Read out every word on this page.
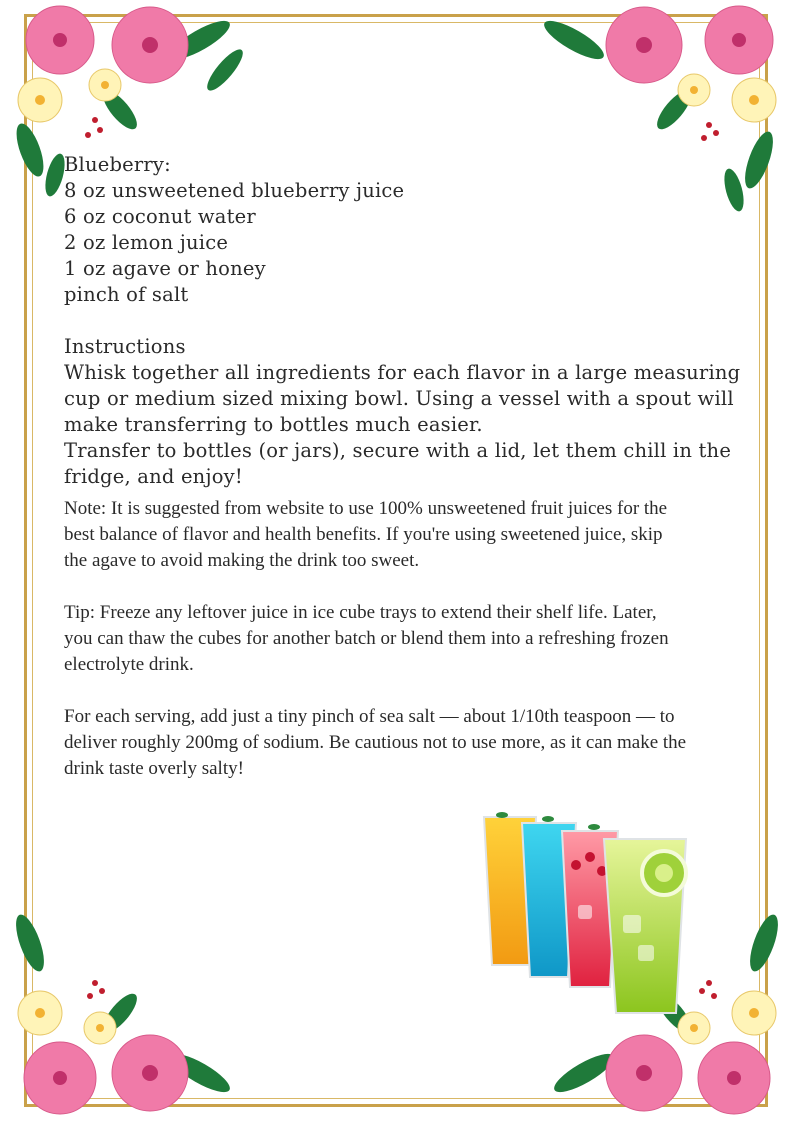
Blueberry:
8 oz unsweetened blueberry juice
6 oz coconut water
2 oz lemon juice
1 oz agave or honey
pinch of salt
Instructions
Whisk together all ingredients for each flavor in a large measuring
cup or medium sized mixing bowl. Using a vessel with a spout will
make transferring to bottles much easier.
Transfer to bottles (or jars), secure with a lid, let them chill in the
fridge, and enjoy!

Note: It is suggested from website to use 100% unsweetened fruit juices for the best balance of flavor and health benefits. If you're using sweetened juice, skip the agave to avoid making the drink too sweet.

Tip: Freeze any leftover juice in ice cube trays to extend their shelf life. Later, you can thaw the cubes for another batch or blend them into a refreshing frozen electrolyte drink.

For each serving, add just a tiny pinch of sea salt — about 1/10th teaspoon — to deliver roughly 200mg of sodium. Be cautious not to use more, as it can make the drink taste overly salty!
